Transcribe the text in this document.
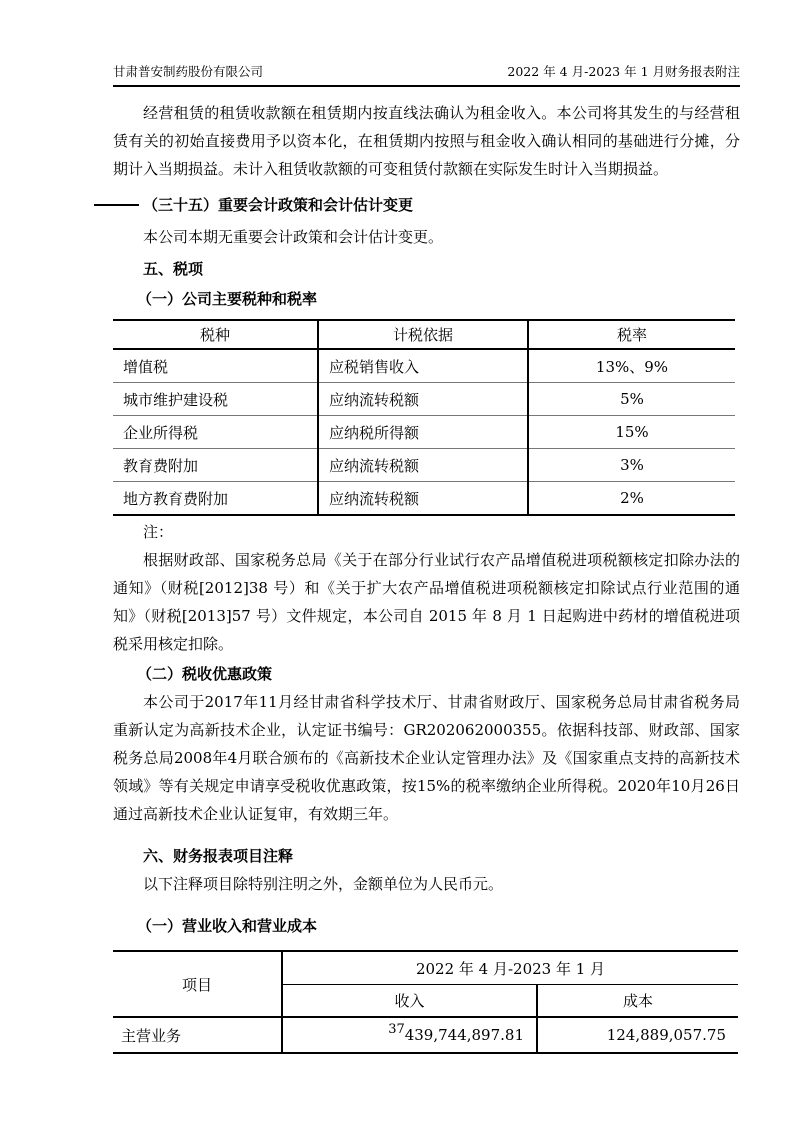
甘肃普安制药股份有限公司	2022 年 4 月-2023 年 1 月财务报表附注

经营租赁的租赁收款额在租赁期内按直线法确认为租金收入。本公司将其发生的与经营租赁有关的初始直接费用予以资本化，在租赁期内按照与租金收入确认相同的基础进行分摊，分期计入当期损益。未计入租赁收款额的可变租赁付款额在实际发生时计入当期损益。

（三十五）重要会计政策和会计估计变更

本公司本期无重要会计政策和会计估计变更。

五、税项

（一）公司主要税种和税率

税种	计税依据	税率
增值税	应税销售收入	13%、9%
城市维护建设税	应纳流转税额	5%
企业所得税	应纳税所得额	15%
教育费附加	应纳流转税额	3%
地方教育费附加	应纳流转税额	2%

注：

根据财政部、国家税务总局《关于在部分行业试行农产品增值税进项税额核定扣除办法的通知》（财税[2012]38 号）和《关于扩大农产品增值税进项税额核定扣除试点行业范围的通知》（财税[2013]57 号）文件规定，本公司自 2015 年 8 月 1 日起购进中药材的增值税进项税采用核定扣除。

（二）税收优惠政策

本公司于2017年11月经甘肃省科学技术厅、甘肃省财政厅、国家税务总局甘肃省税务局重新认定为高新技术企业，认定证书编号：GR202062000355。依据科技部、财政部、国家税务总局2008年4月联合颁布的《高新技术企业认定管理办法》及《国家重点支持的高新技术领域》等有关规定申请享受税收优惠政策，按15%的税率缴纳企业所得税。2020年10月26日通过高新技术企业认证复审，有效期三年。

六、财务报表项目注释

以下注释项目除特别注明之外，金额单位为人民币元。

（一）营业收入和营业成本

项目	2022 年 4 月-2023 年 1 月	
	收入	成本
主营业务	439,744,897.81	124,889,057.75
37
